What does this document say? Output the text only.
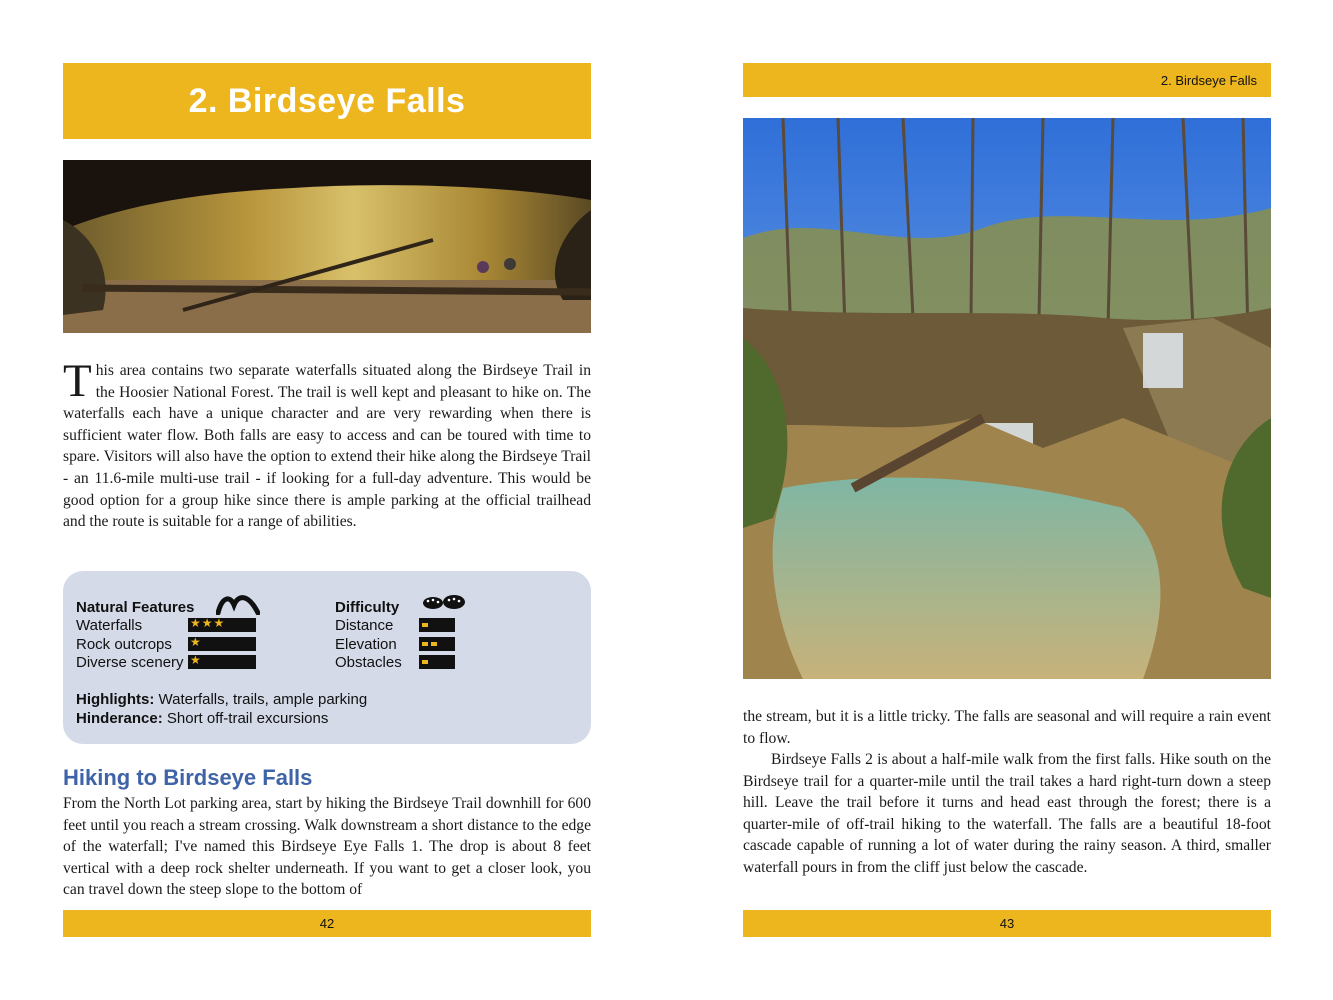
2. Birdseye Falls

This area contains two separate waterfalls situated along the Birdseye Trail in the Hoosier National Forest. The trail is well kept and pleasant to hike on. The waterfalls each have a unique character and are very rewarding when there is sufficient water flow. Both falls are easy to access and can be toured with time to spare. Visitors will also have the option to extend their hike along the Birdseye Trail - an 11.6-mile multi-use trail - if looking for a full-day adventure. This would be good option for a group hike since there is ample parking at the official trailhead and the route is suitable for a range of abilities.

Natural Features
Waterfalls	★★★
Rock outcrops ★
Diverse scenery ★
Difficulty
Distance
Elevation
Obstacles
Highlights: Waterfalls, trails, ample parking
Hinderance: Short off-trail excursions
Hiking to Birdseye Falls

From the North Lot parking area, start by hiking the Birdseye Trail downhill for 600 feet until you reach a stream crossing. Walk downstream a short distance to the edge of the waterfall; I've named this Birdseye Eye Falls 1. The drop is about 8 feet vertical with a deep rock shelter underneath. If you want to get a closer look, you can travel down the steep slope to the bottom of

42
2. Birdseye Falls

the stream, but it is a little tricky. The falls are seasonal and will require a rain event to flow.

Birdseye Falls 2 is about a half-mile walk from the first falls. Hike south on the Birdseye trail for a quarter-mile until the trail takes a hard right-turn down a steep hill. Leave the trail before it turns and head east through the forest; there is a quarter-mile of off-trail hiking to the waterfall. The falls are a beautiful 18-foot cascade capable of running a lot of water during the rainy season. A third, smaller waterfall pours in from the cliff just below the cascade.

43
